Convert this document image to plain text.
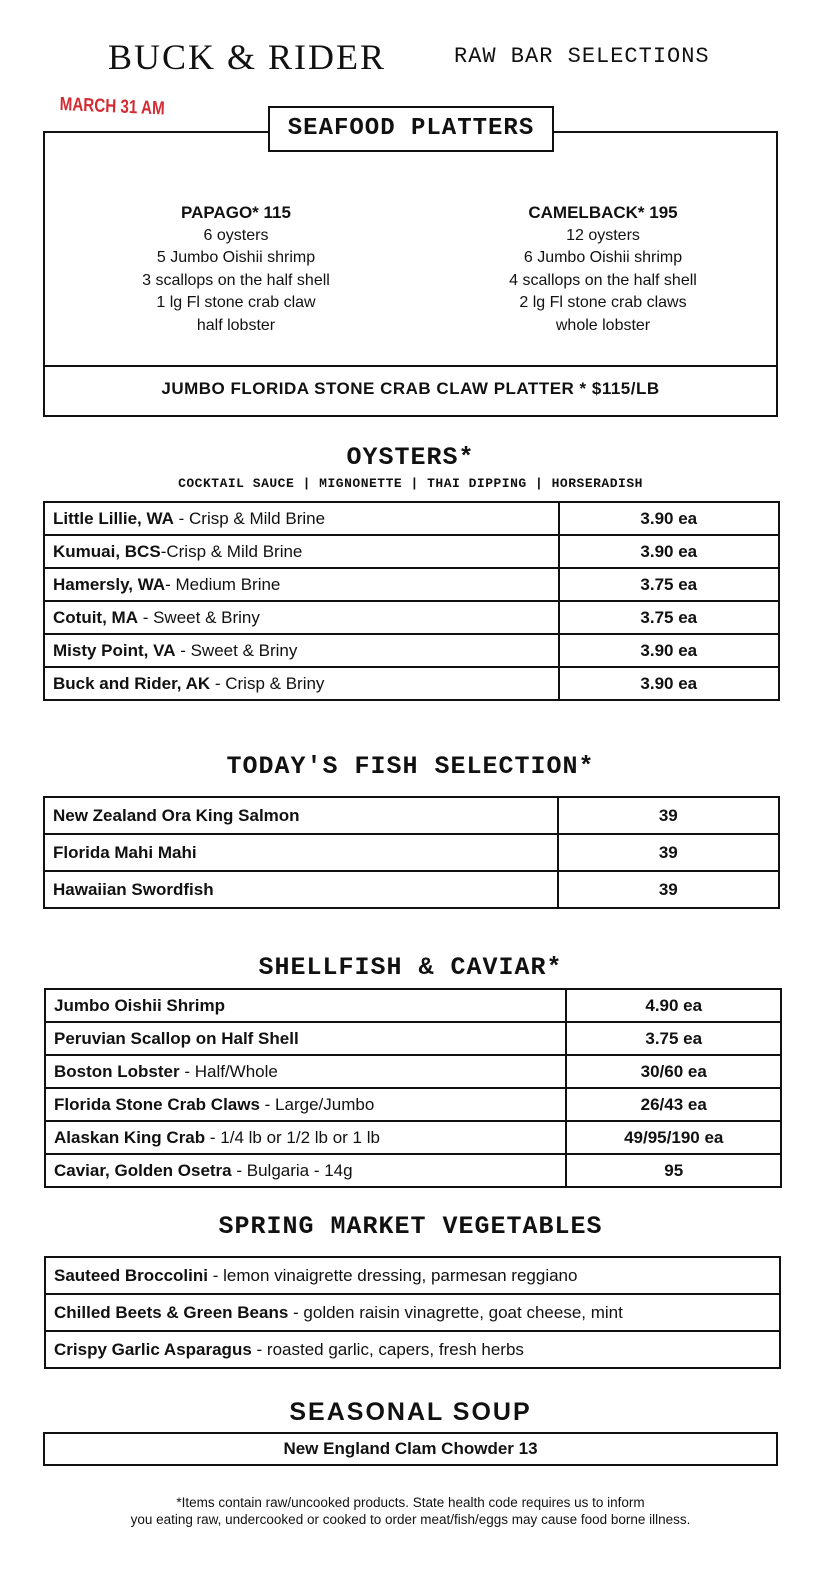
BUCK & RIDER	RAW BAR SELECTIONS
MARCH 31 AM
SEAFOOD PLATTERS
PAPAGO* 115
6 oysters
5 Jumbo Oishii shrimp
3 scallops on the half shell
1 lg Fl stone crab claw
half lobster
CAMELBACK* 195
12 oysters
6 Jumbo Oishii shrimp
4 scallops on the half shell
2 lg Fl stone crab claws
whole lobster
JUMBO FLORIDA STONE CRAB CLAW PLATTER * $115/LB
OYSTERS*
COCKTAIL SAUCE | MIGNONETTE | THAI DIPPING | HORSERADISH
Little Lillie, WA - Crisp & Mild Brine	3.90 ea
Kumuai, BCS-Crisp & Mild Brine	3.90 ea
Hamersly, WA- Medium Brine	3.75 ea
Cotuit, MA - Sweet & Briny	3.75 ea
Misty Point, VA - Sweet & Briny	3.90 ea
Buck and Rider, AK - Crisp & Briny	3.90 ea
TODAY'S FISH SELECTION*
New Zealand Ora King Salmon	39
Florida Mahi Mahi	39
Hawaiian Swordfish	39
SHELLFISH & CAVIAR*
Jumbo Oishii Shrimp	4.90 ea
Peruvian Scallop on Half Shell	3.75 ea
Boston Lobster - Half/Whole	30/60 ea
Florida Stone Crab Claws - Large/Jumbo	26/43 ea
Alaskan King Crab - 1/4 lb or 1/2 lb or 1 lb	49/95/190 ea
Caviar, Golden Osetra - Bulgaria - 14g	95
SPRING MARKET VEGETABLES
Sauteed Broccolini - lemon vinaigrette dressing, parmesan reggiano
Chilled Beets & Green Beans - golden raisin vinagrette, goat cheese, mint
Crispy Garlic Asparagus - roasted garlic, capers, fresh herbs
SEASONAL SOUP
New England Clam Chowder 13
*Items contain raw/uncooked products. State health code requires us to inform
you eating raw, undercooked or cooked to order meat/fish/eggs may cause food borne illness.
